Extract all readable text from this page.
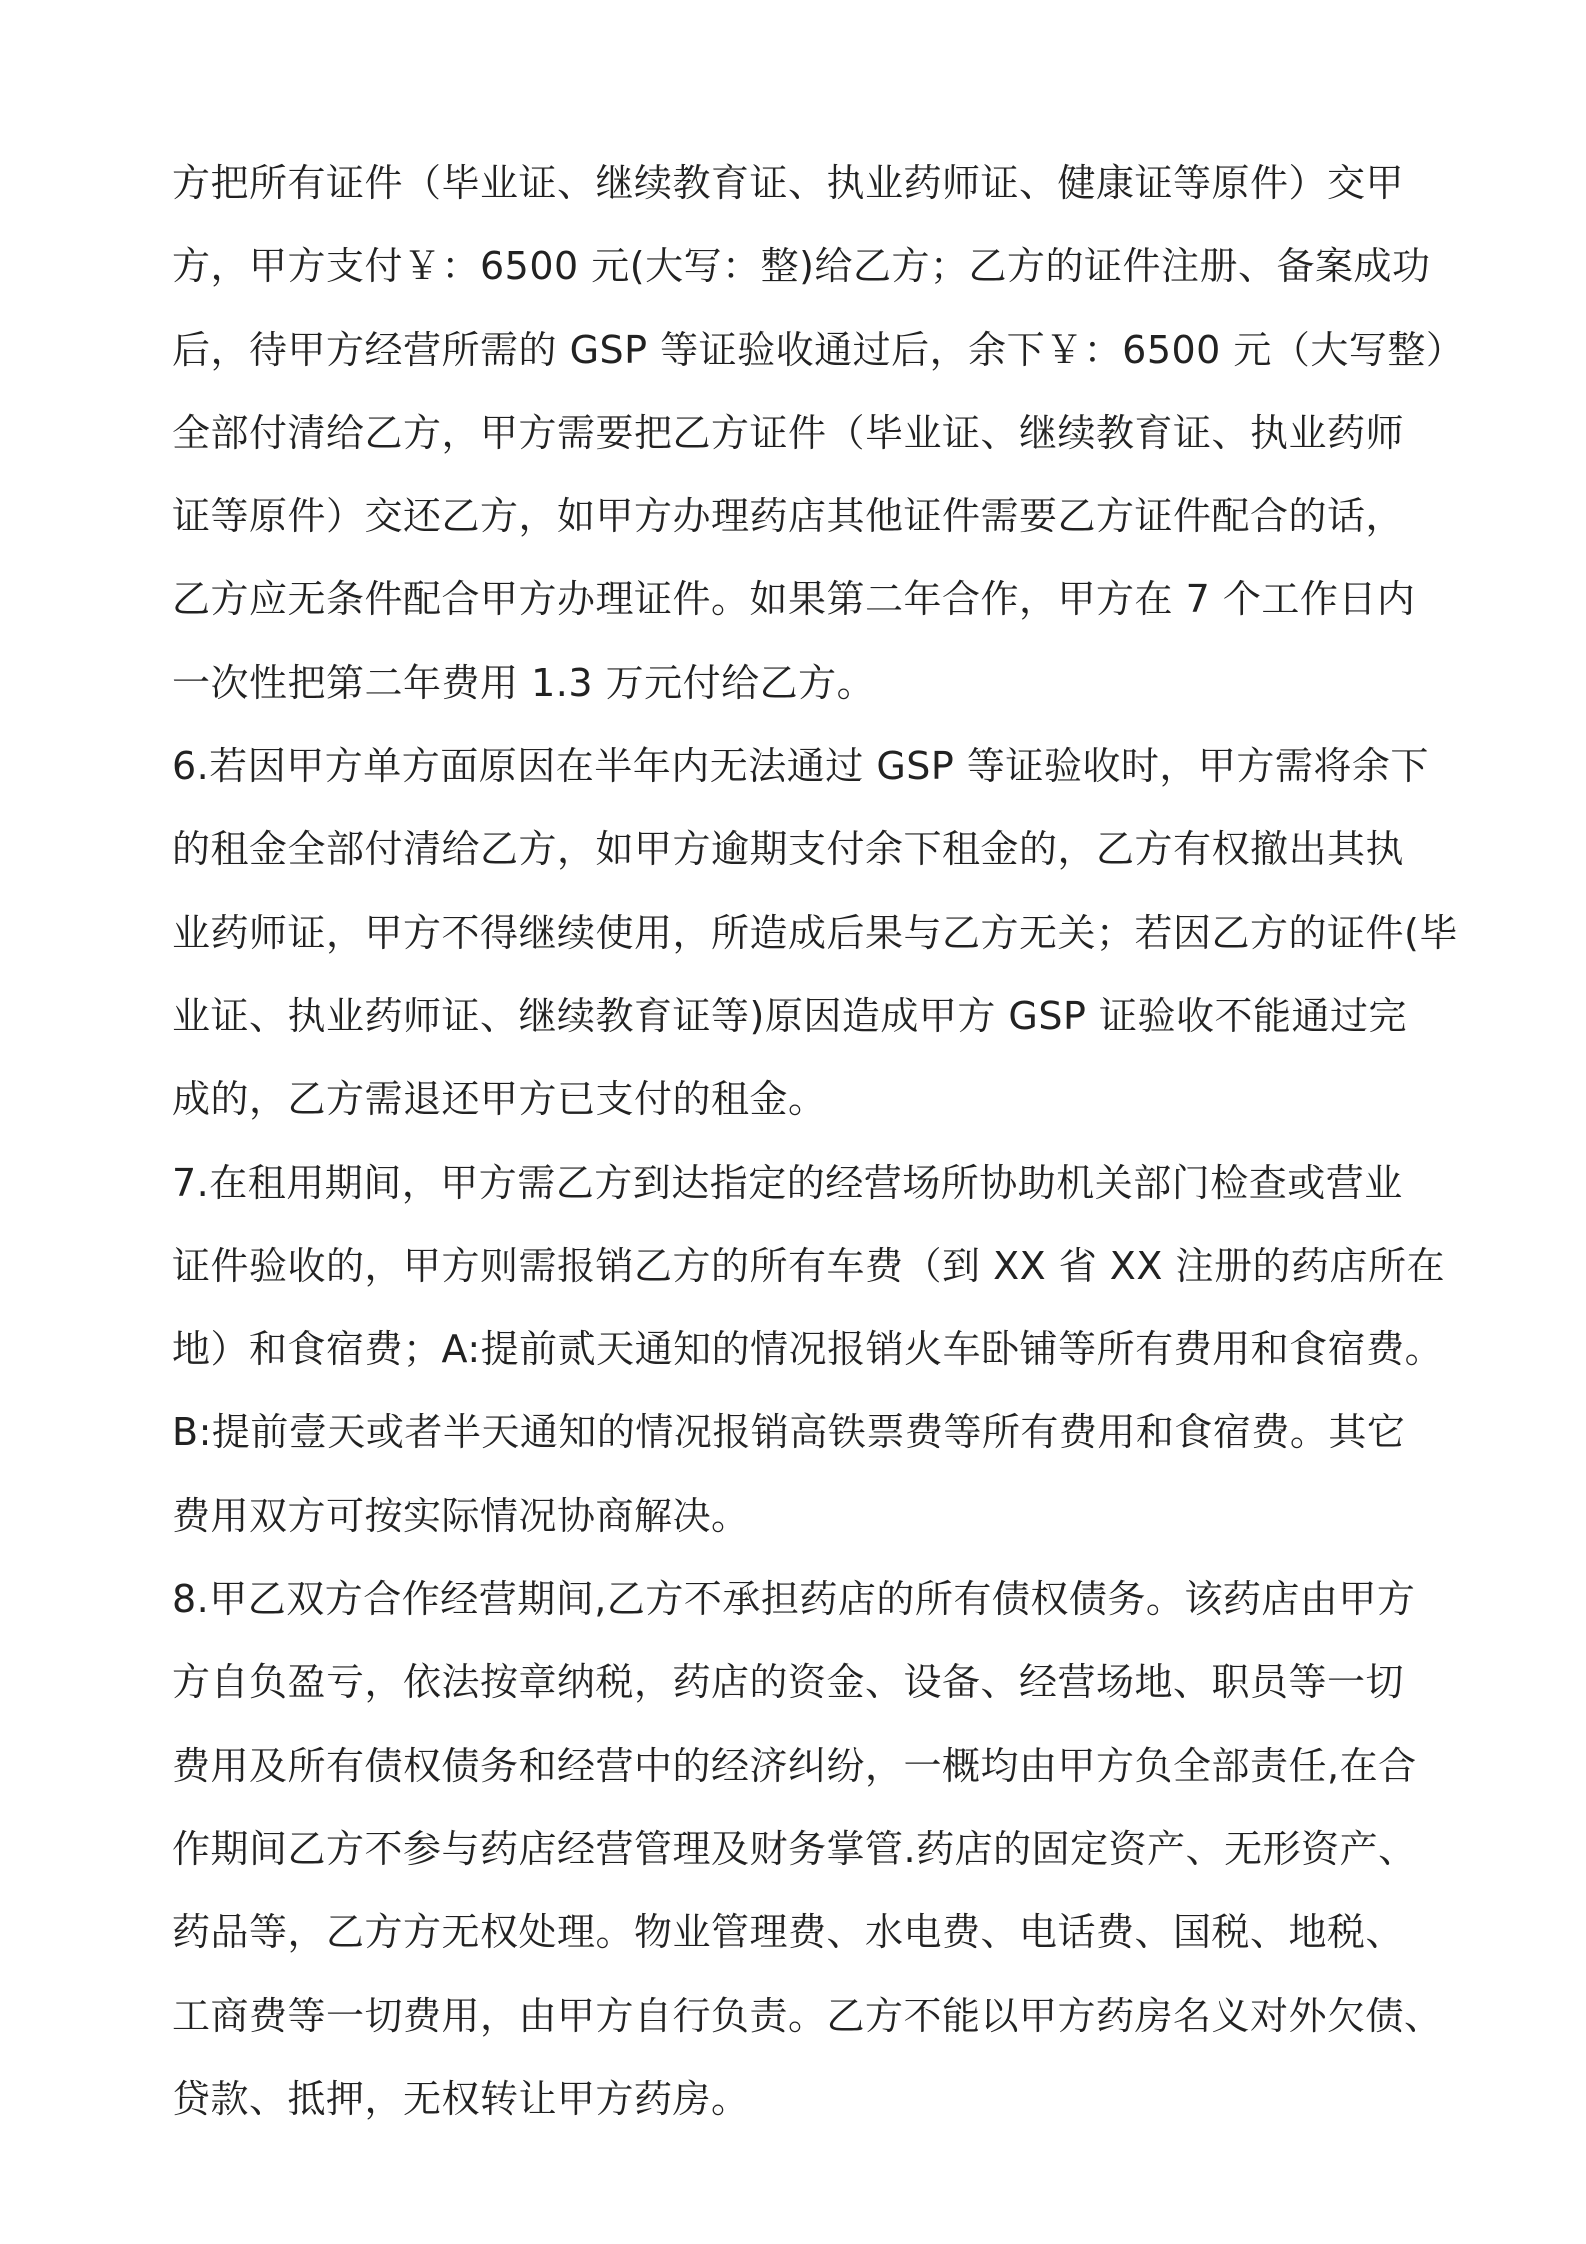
方把所有证件（毕业证、继续教育证、执业药师证、健康证等原件）交甲
方，甲方支付￥：6500 元(大写：整)给乙方；乙方的证件注册、备案成功
后，待甲方经营所需的 GSP 等证验收通过后，余下￥：6500 元（大写整）
全部付清给乙方，甲方需要把乙方证件（毕业证、继续教育证、执业药师
证等原件）交还乙方，如甲方办理药店其他证件需要乙方证件配合的话，
乙方应无条件配合甲方办理证件。如果第二年合作，甲方在 7 个工作日内
一次性把第二年费用 1.3 万元付给乙方。
6.若因甲方单方面原因在半年内无法通过 GSP 等证验收时，甲方需将余下
的租金全部付清给乙方，如甲方逾期支付余下租金的，乙方有权撤出其执
业药师证，甲方不得继续使用，所造成后果与乙方无关；若因乙方的证件(毕
业证、执业药师证、继续教育证等)原因造成甲方 GSP 证验收不能通过完
成的，乙方需退还甲方已支付的租金。
7.在租用期间，甲方需乙方到达指定的经营场所协助机关部门检查或营业
证件验收的，甲方则需报销乙方的所有车费（到 XX 省 XX 注册的药店所在
地）和食宿费；A:提前贰天通知的情况报销火车卧铺等所有费用和食宿费。
B:提前壹天或者半天通知的情况报销高铁票费等所有费用和食宿费。其它
费用双方可按实际情况协商解决。
8.甲乙双方合作经营期间,乙方不承担药店的所有债权债务。该药店由甲方
方自负盈亏，依法按章纳税，药店的资金、设备、经营场地、职员等一切
费用及所有债权债务和经营中的经济纠纷，一概均由甲方负全部责任,在合
作期间乙方不参与药店经营管理及财务掌管.药店的固定资产、无形资产、
药品等，乙方方无权处理。物业管理费、水电费、电话费、国税、地税、
工商费等一切费用，由甲方自行负责。乙方不能以甲方药房名义对外欠债、
贷款、抵押，无权转让甲方药房。
